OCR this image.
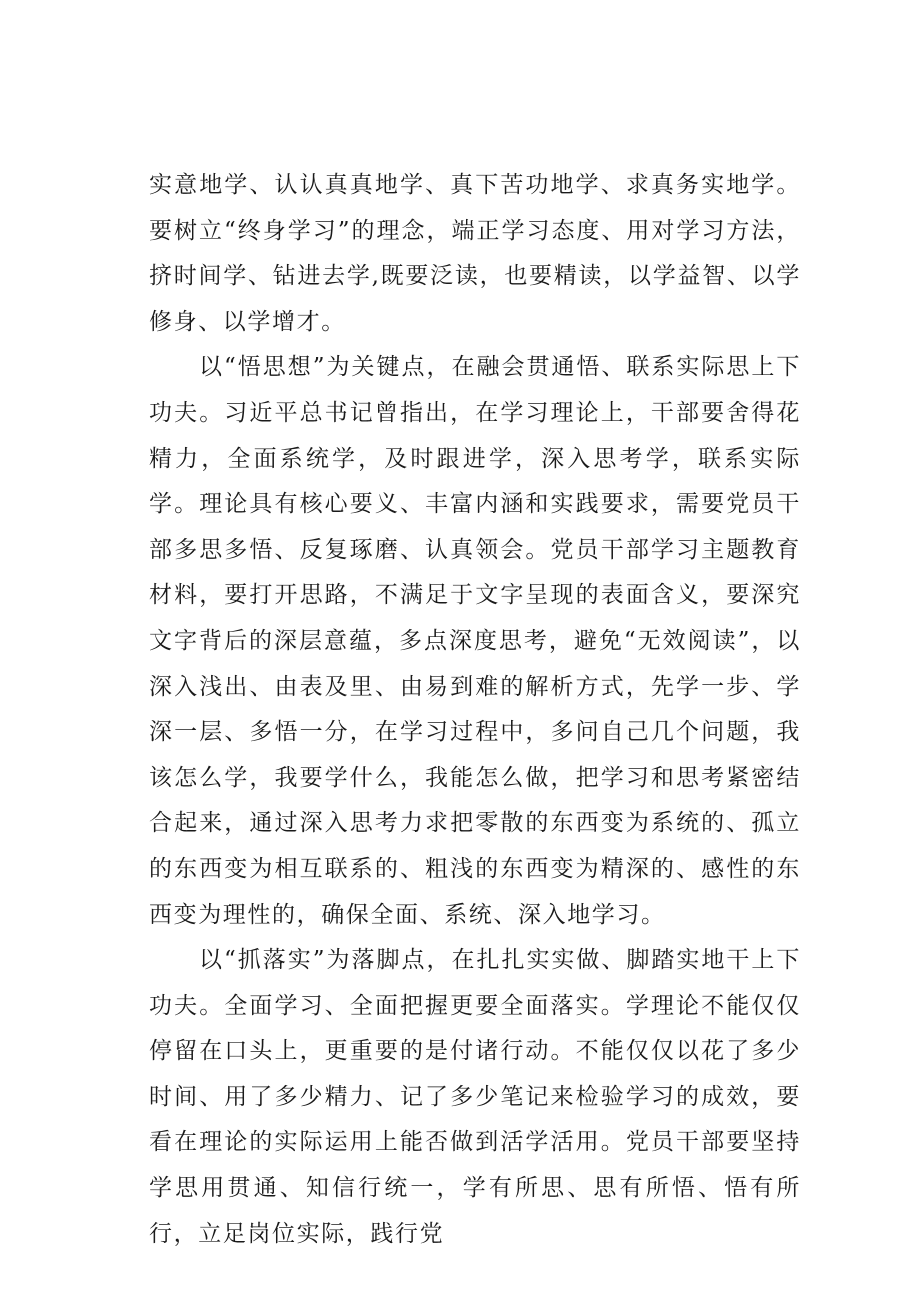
实意地学、认认真真地学、真下苦功地学、求真务实地学。要树立“终身学习”的理念，端正学习态度、用对学习方法，挤时间学、钻进去学,既要泛读，也要精读，以学益智、以学修身、以学增才。

以“悟思想”为关键点，在融会贯通悟、联系实际思上下功夫。习近平总书记曾指出，在学习理论上，干部要舍得花精力，全面系统学，及时跟进学，深入思考学，联系实际学。理论具有核心要义、丰富内涵和实践要求，需要党员干部多思多悟、反复琢磨、认真领会。党员干部学习主题教育材料，要打开思路，不满足于文字呈现的表面含义，要深究文字背后的深层意蕴，多点深度思考，避免“无效阅读”，以深入浅出、由表及里、由易到难的解析方式，先学一步、学深一层、多悟一分，在学习过程中，多问自己几个问题，我该怎么学，我要学什么，我能怎么做，把学习和思考紧密结合起来，通过深入思考力求把零散的东西变为系统的、孤立的东西变为相互联系的、粗浅的东西变为精深的、感性的东西变为理性的，确保全面、系统、深入地学习。

以“抓落实”为落脚点，在扎扎实实做、脚踏实地干上下功夫。全面学习、全面把握更要全面落实。学理论不能仅仅停留在口头上，更重要的是付诸行动。不能仅仅以花了多少时间、用了多少精力、记了多少笔记来检验学习的成效，要看在理论的实际运用上能否做到活学活用。党员干部要坚持学思用贯通、知信行统一，学有所思、思有所悟、悟有所行，立足岗位实际，践行党
